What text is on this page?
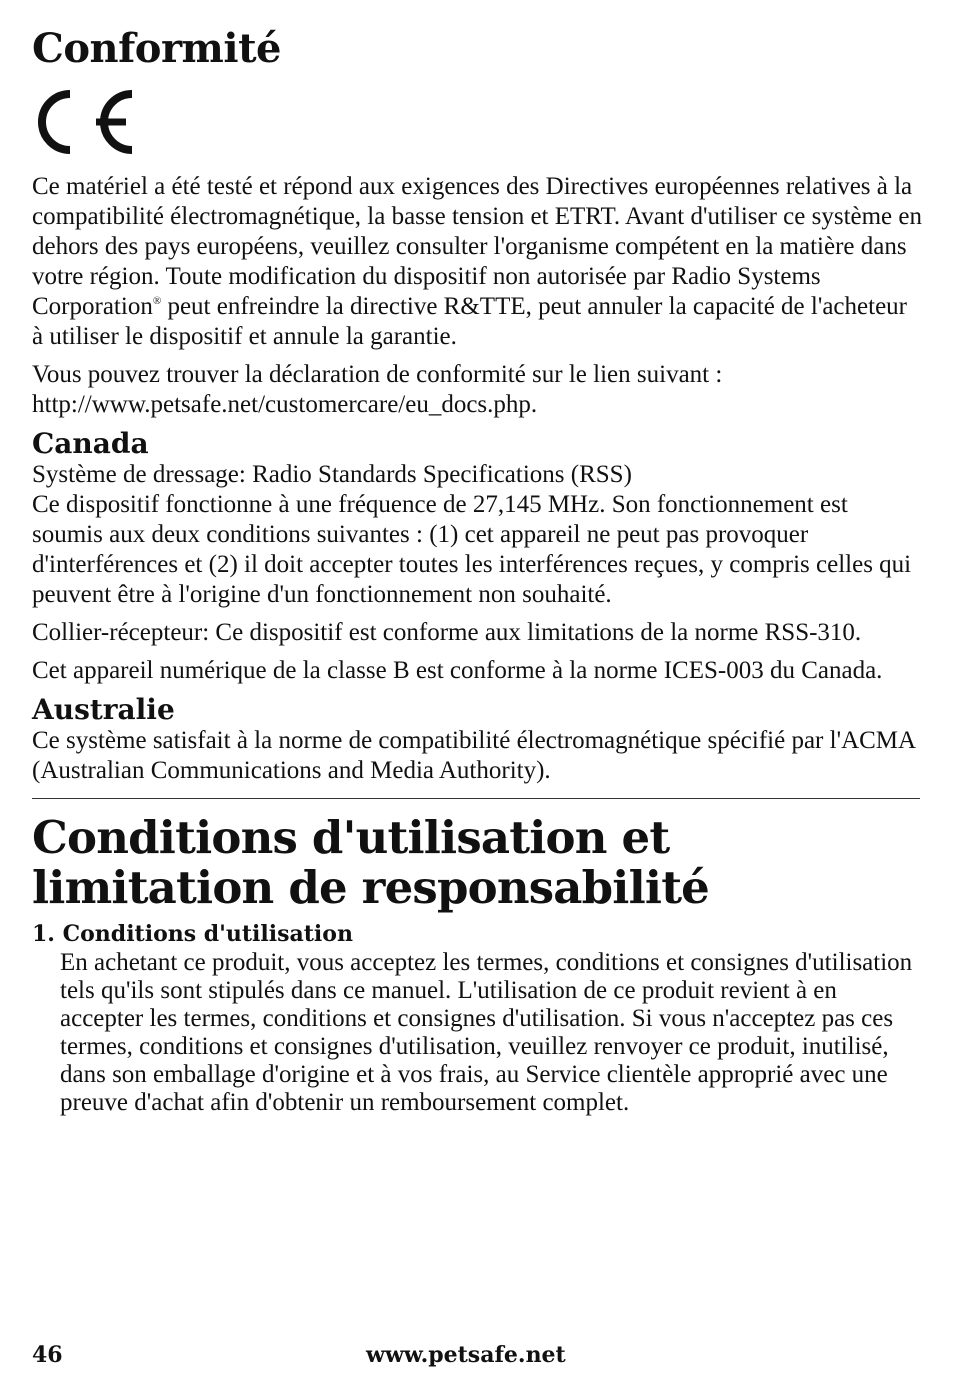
Conformité

Ce matériel a été testé et répond aux exigences des Directives européennes relatives à la compatibilité électromagnétique, la basse tension et ETRT. Avant d'utiliser ce système en dehors des pays européens, veuillez consulter l'organisme compétent en la matière dans votre région. Toute modification du dispositif non autorisée par Radio Systems Corporation® peut enfreindre la directive R&TTE, peut annuler la capacité de l'acheteur à utiliser le dispositif et annule la garantie.

Vous pouvez trouver la déclaration de conformité sur le lien suivant : http://www.petsafe.net/customercare/eu_docs.php.

Canada

Système de dressage: Radio Standards Specifications (RSS)
Ce dispositif fonctionne à une fréquence de 27,145 MHz. Son fonctionnement est soumis aux deux conditions suivantes : (1) cet appareil ne peut pas provoquer d'interférences et (2) il doit accepter toutes les interférences reçues, y compris celles qui peuvent être à l'origine d'un fonctionnement non souhaité.

Collier-récepteur: Ce dispositif est conforme aux limitations de la norme RSS-310.

Cet appareil numérique de la classe B est conforme à la norme ICES-003 du Canada.

Australie

Ce système satisfait à la norme de compatibilité électromagnétique spécifié par l'ACMA (Australian Communications and Media Authority).

Conditions d'utilisation et limitation de responsabilité
1. Conditions d'utilisation

En achetant ce produit, vous acceptez les termes, conditions et consignes d'utilisation tels qu'ils sont stipulés dans ce manuel. L'utilisation de ce produit revient à en accepter les termes, conditions et consignes d'utilisation. Si vous n'acceptez pas ces termes, conditions et consignes d'utilisation, veuillez renvoyer ce produit, inutilisé, dans son emballage d'origine et à vos frais, au Service clientèle approprié avec une preuve d'achat afin d'obtenir un remboursement complet.

46	www.petsafe.net
